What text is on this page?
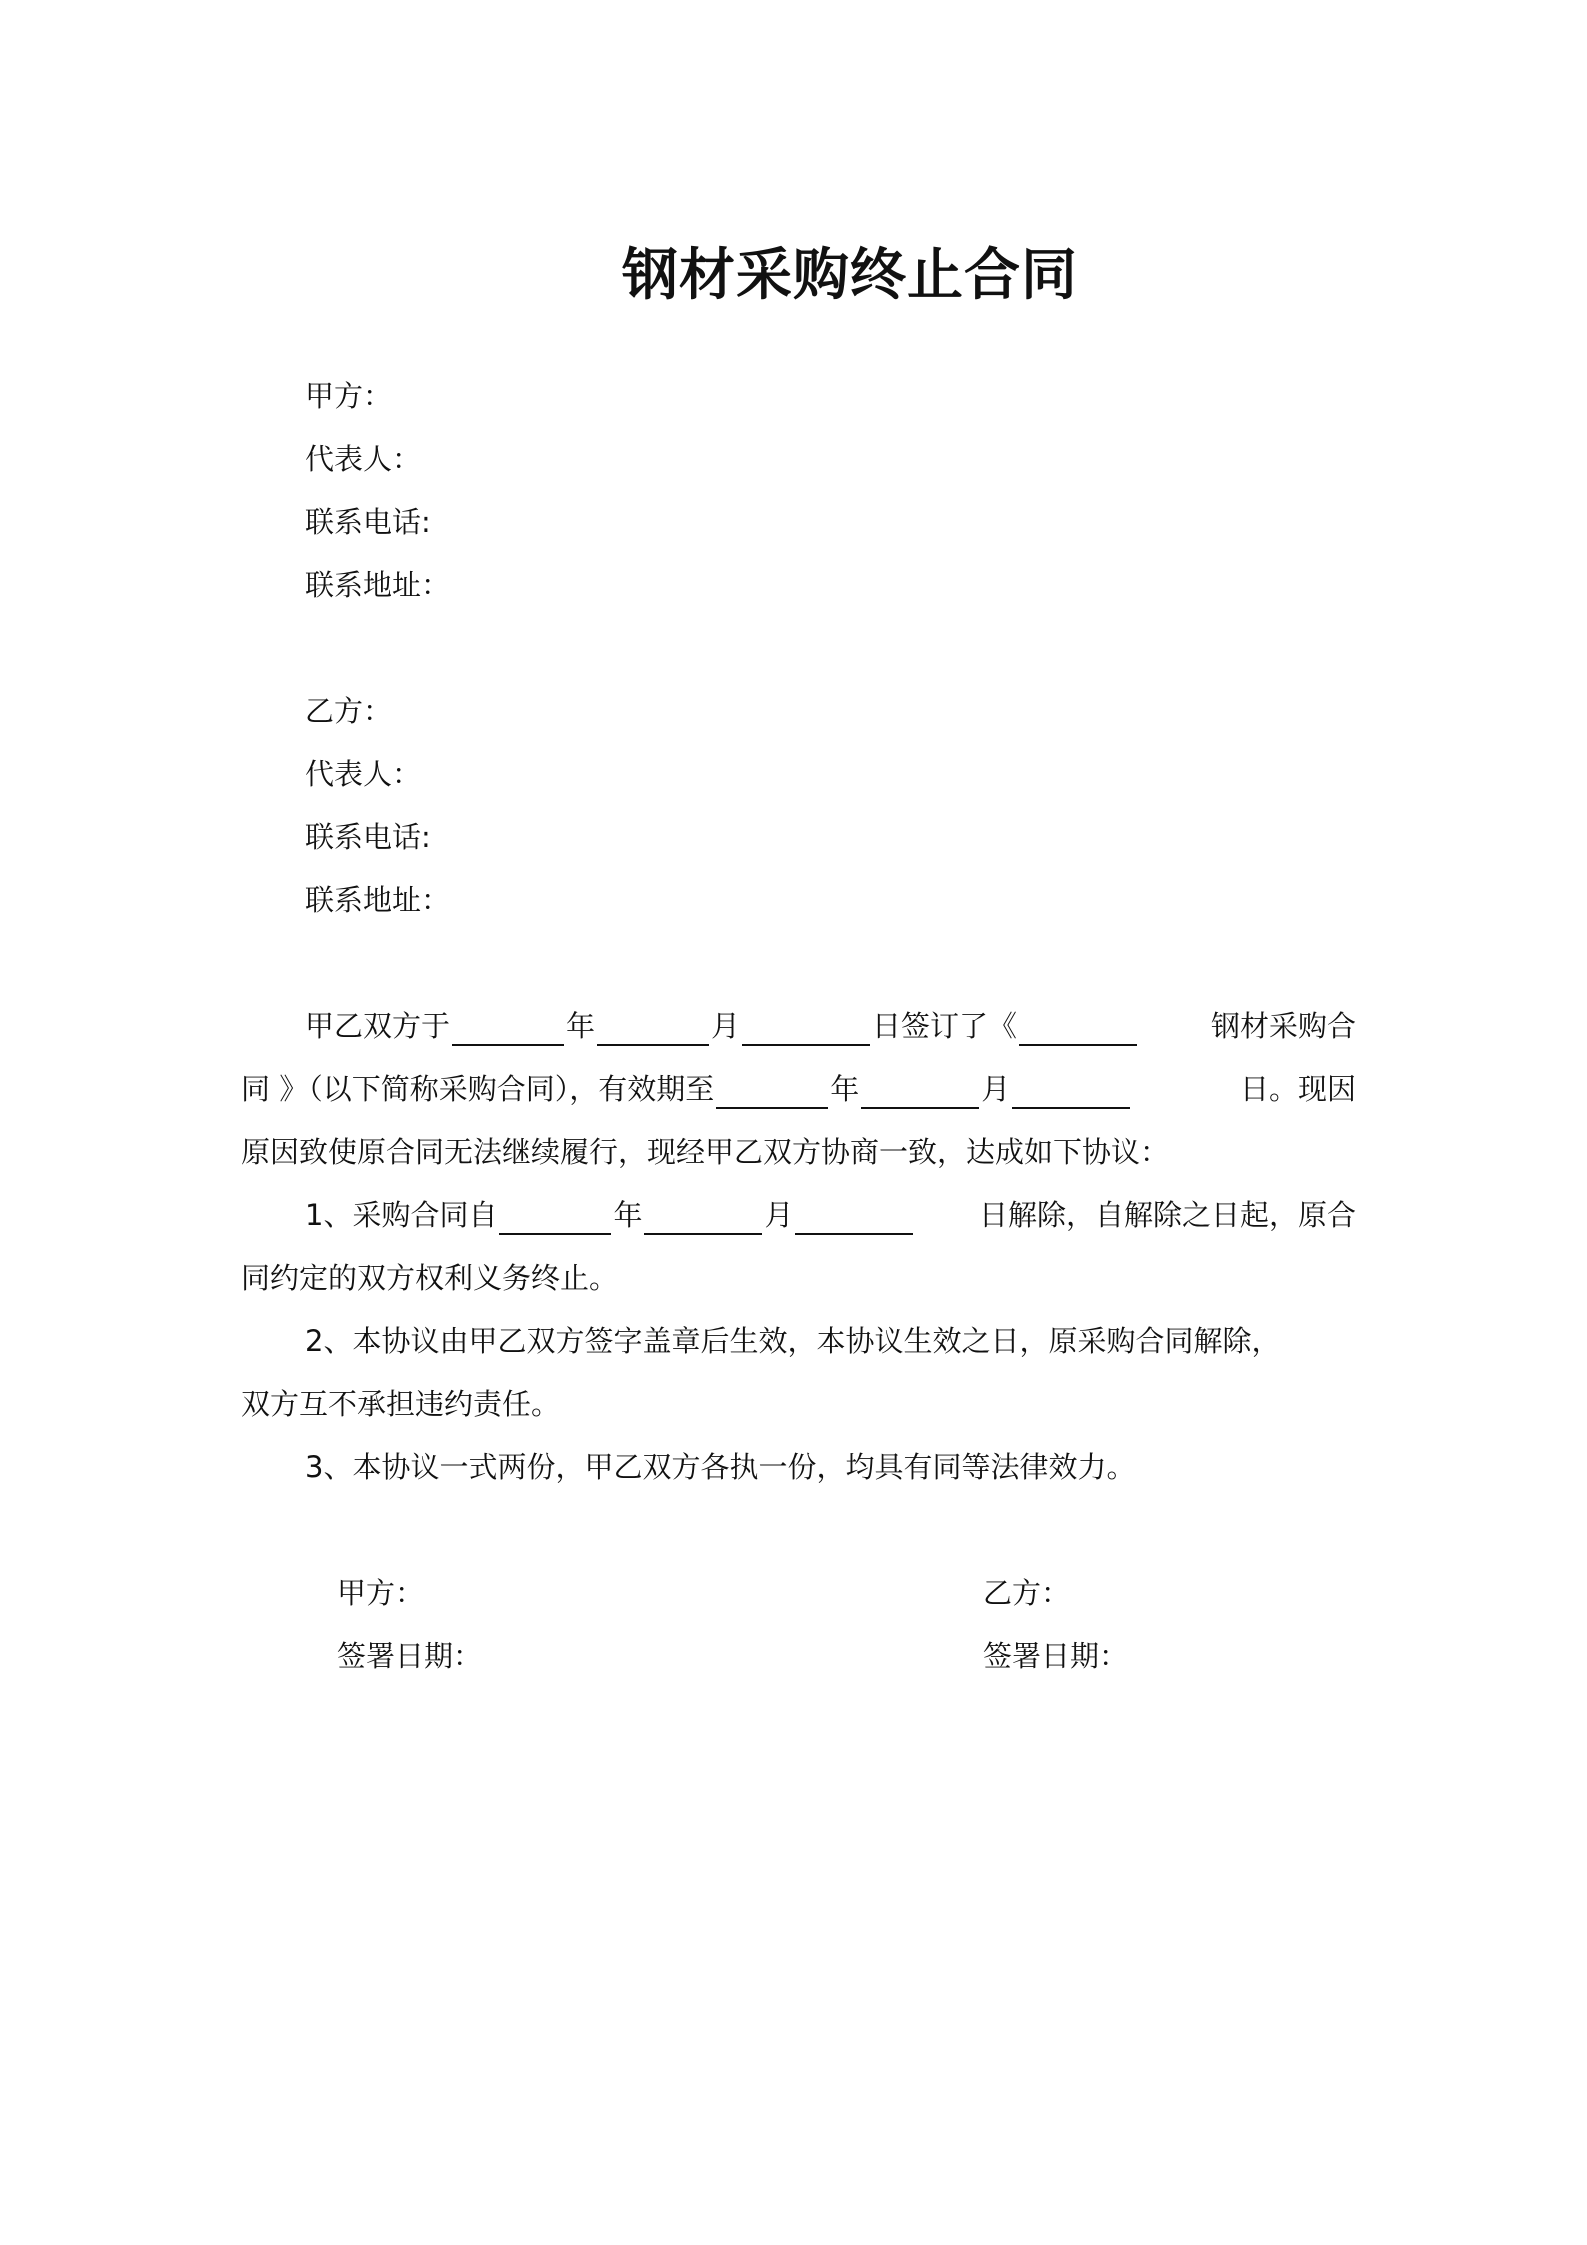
钢材采购终止合同
甲方：
代表人：
联系电话:
联系地址：
乙方：
代表人：
联系电话:
联系地址：
甲乙双方于	年	月	日签订了《	钢材采购合
同 》（以下简称采购合同），有效期至	年	月	日。现因
原因致使原合同无法继续履行，现经甲乙双方协商一致，达成如下协议：
1、采购合同自	年	月	日解除，自解除之日起，原合
同约定的双方权利义务终止。
2、本协议由甲乙双方签字盖章后生效，本协议生效之日，原采购合同解除，
双方互不承担违约责任。
3、本协议一式两份，甲乙双方各执一份，均具有同等法律效力。
甲方：
签署日期：
乙方：
签署日期：
